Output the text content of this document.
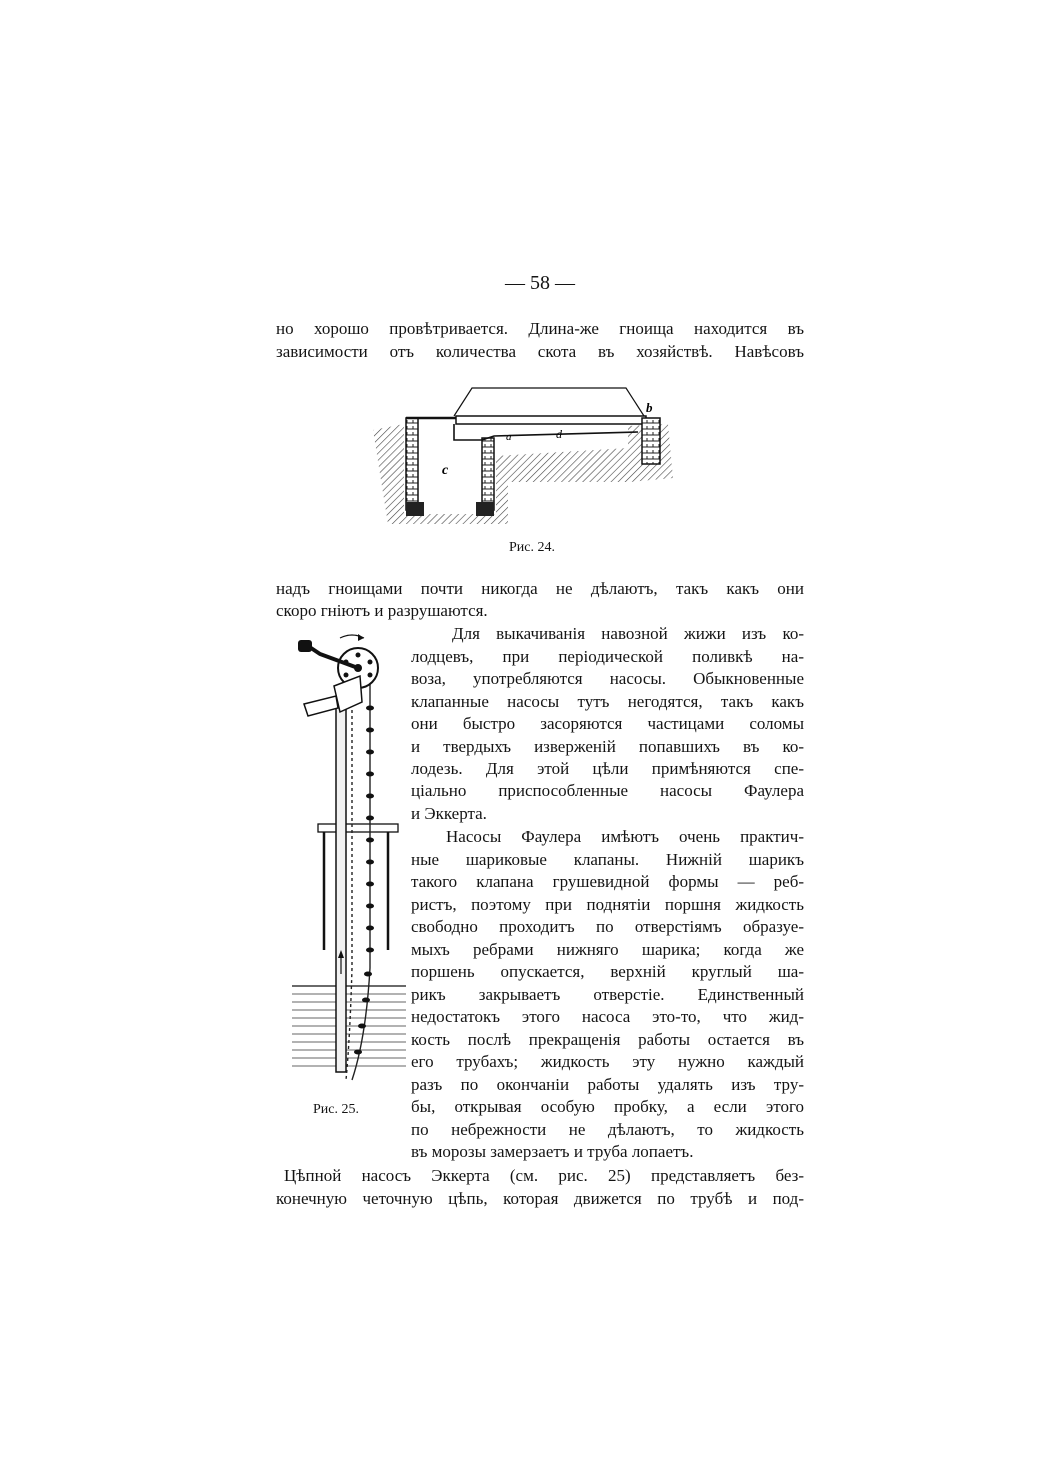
— 58 —
но хорошо провѣтривается. Длина-же гноища находится въ
зависимости отъ количества скота въ хозяйствѣ. Навѣсовъ
c
b
d
a
Рис. 24.
надъ гноищами почти никогда не дѣлаютъ, такъ какъ они
скоро гніютъ и разрушаются.
Рис. 25.
Для выкачиванія навозной жижи изъ ко-
лодцевъ, при періодической поливкѣ на-
воза, употребляются насосы. Обыкновенные
клапанные насосы тутъ негодятся, такъ какъ
они быстро засоряются частицами соломы
и твердыхъ изверженій попавшихъ въ ко-
лодезь. Для этой цѣли примѣняются спе-
ціально приспособленные насосы Фаулера
и Эккерта.
Насосы Фаулера имѣютъ очень практич-
ные шариковые клапаны. Нижній шарикъ
такого клапана грушевидной формы — реб-
ристъ, поэтому при поднятіи поршня жидкость
свободно проходитъ по отверстіямъ образуе-
мыхъ ребрами нижняго шарика; когда же
поршень опускается, верхній круглый ша-
рикъ закрываетъ отверстіе. Единственный
недостатокъ этого насоса это-то, что жид-
кость послѣ прекращенія работы остается въ
его трубахъ; жидкость эту нужно каждый
разъ по окончаніи работы удалять изъ тру-
бы, открывая особую пробку, а если этого
по небрежности не дѣлаютъ, то жидкость
въ морозы замерзаетъ и труба лопаетъ.
Цѣпной насосъ Эккерта (см. рис. 25) представляетъ без-
конечную четочную цѣпь, которая движется по трубѣ и под-
